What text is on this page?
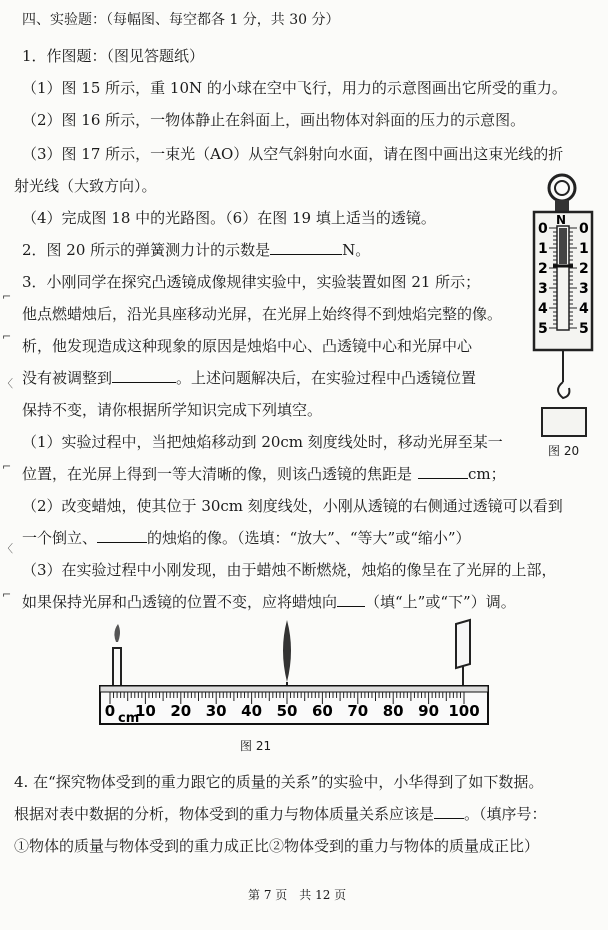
四、实验题：（每幅图、每空都各 1 分，共 30 分）
1．作图题：（图见答题纸）
（1）图 15 所示，重 10N 的小球在空中飞行，用力的示意图画出它所受的重力。
（2）图 16 所示，一物体静止在斜面上，画出物体对斜面的压力的示意图。
（3）图 17 所示，一束光（AO）从空气斜射向水面，请在图中画出这束光线的折
射光线（大致方向）。
（4）完成图 18 中的光路图。（6）在图 19 填上适当的透镜。
2．图 20 所示的弹簧测力计的示数是	N。
3．小刚同学在探究凸透镜成像规律实验中，实验装置如图 21 所示；
他点燃蜡烛后，沿光具座移动光屏，在光屏上始终得不到烛焰完整的像。
析，他发现造成这种现象的原因是烛焰中心、凸透镜中心和光屏中心
没有被调整到	。上述问题解决后，在实验过程中凸透镜位置
保持不变，请你根据所学知识完成下列填空。
（1）实验过程中，当把烛焰移动到 20cm 刻度线处时，移动光屏至某一
位置，在光屏上得到一等大清晰的像，则该凸透镜的焦距是	cm；
（2）改变蜡烛，使其位于 30cm 刻度线处，小刚从透镜的右侧通过透镜可以看到
一个倒立、	的烛焰的像。（选填：“放大”、“等大”或“缩小”）
（3）在实验过程中小刚发现，由于蜡烛不断燃烧，烛焰的像呈在了光屏的上部，
如果保持光屏和凸透镜的位置不变，应将蜡烛向 （填“上”或“下”）调。
N
0
1
2
3
4
5
0
1
2
3
4
5
图 20
0 10 20 30 40 50 60 70 80 90 100
cm
图 21
4. 在“探究物体受到的重力跟它的质量的关系”的实验中，小华得到了如下数据。
根据对表中数据的分析，物体受到的重力与物体质量关系应该是 。（填序号：
①物体的质量与物体受到的重力成正比②物体受到的重力与物体的质量成正比）
第 7 页　共 12 页
⌐
⌐
〈
⌐
〈
⌐
